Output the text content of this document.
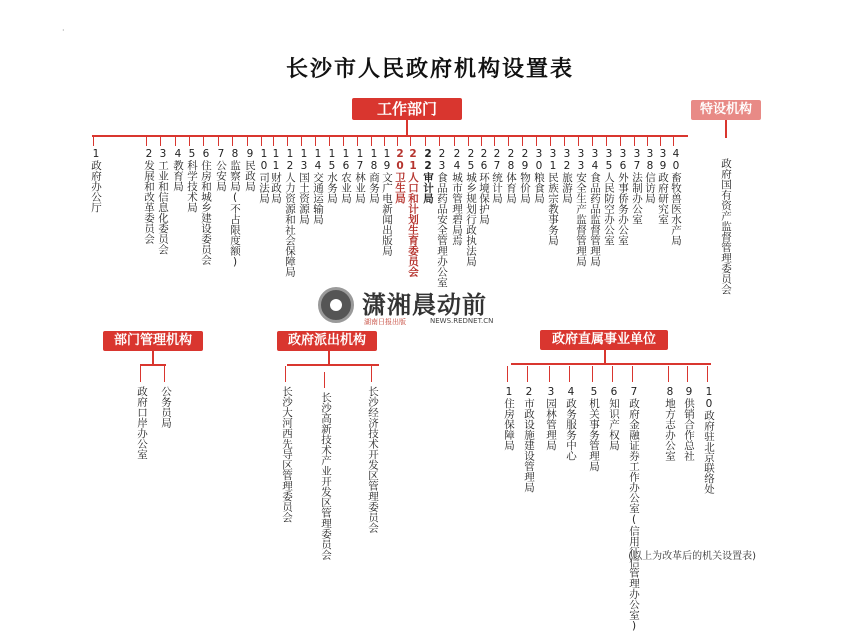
·
长沙市人民政府机构设置表
工作部门	特设机构
1政府办公厅	2发展和改革委员会 3工业和信息化委员会 4教育局 5科学技术局 6住房和城乡建设委员会 7公安局 8监察局(不占限度额) 9民政局 10司法局 11财政局 12人力资源和社会保障局 13国土资源局 14交通运输局 15水务局 16农业局 17林业局 18商务局 19文广电新闻出版局 20卫生局 21人口和计划生育委员会 22审计局 23食品药品安全管理办公室 24城市管理碧局焉 25城乡规划行政执法局 26环境保护局 27统计局 28体育局 29物价局 30粮食局 31民族宗教事务局 32旅游局 33安全生产监督管理局 34食品药品监督管理局 35人民防空办公室 36外事侨务办公室 37法制办公室 38信访局 39政府研究室 40畜牧兽医水产局	政府国有资产监督管理委员会
潇湘晨动前
湖南日报出版	NEWS.REDNET.CN
部门管理机构	政府派出机构	政府直属事业单位
政府口岸办公室 公务员局	长沙大河西先导区管理委员会	长沙高新技术产业开发区管理委员会	长沙经济技术开发区管理委员会	1住房保障局 2市政设施建设管理局 3园林管理局 4政务服务中心 5机关事务管理局 6知识产权局 7政府金融证券工作办公室(信用征信管理办公室) 8地方志办公室 9供销合作总社 10政府驻北京联络处
(以上为改革后的机关设置表)
